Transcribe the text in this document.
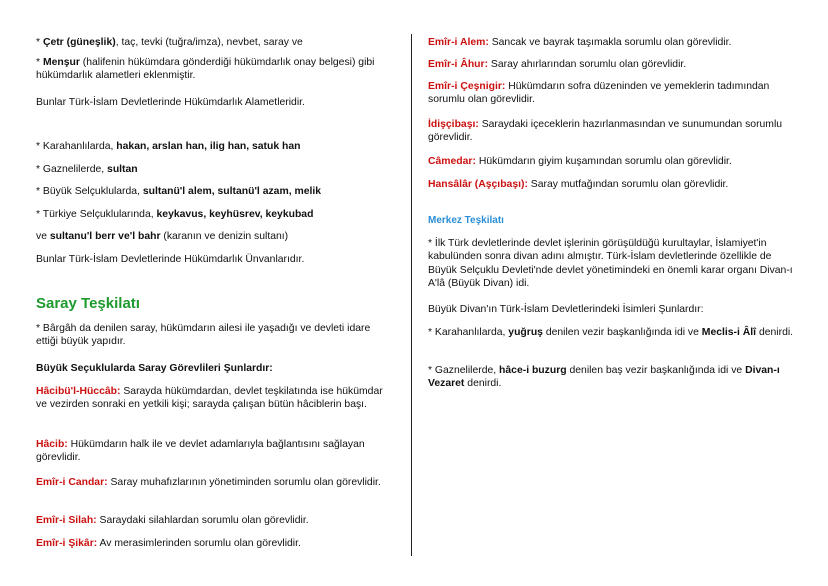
* Çetr (güneşlik), taç, tevki (tuğra/imza), nevbet, saray ve

* Menşur (halifenin hükümdara gönderdiği hükümdarlık onay belgesi) gibi hükümdarlık alametleri eklenmiştir.

Bunlar Türk-İslam Devletlerinde Hükümdarlık Alametleridir.

* Karahanlılarda, hakan, arslan han, ilig han, satuk han

* Gaznelilerde, sultan

* Büyük Selçuklularda, sultanü'l alem, sultanü'l azam, melik

* Türkiye Selçuklularında, keykavus, keyhüsrev, keykubad

ve sultanu'l berr ve'l bahr (karanın ve denizin sultanı)

Bunlar Türk-İslam Devletlerinde Hükümdarlık Ünvanlarıdır.

Saray Teşkilatı

* Bârgâh da denilen saray, hükümdarın ailesi ile yaşadığı ve devleti idare ettiği büyük yapıdır.

Büyük Seçuklularda Saray Görevlileri Şunlardır:

Hâcibü'l-Hüccâb: Sarayda hükümdardan, devlet teşkilatında ise hükümdar ve vezirden sonraki en yetkili kişi; sarayda çalışan bütün hâciblerin başı.

Hâcib: Hükümdarın halk ile ve devlet adamlarıyla bağlantısını sağlayan görevlidir.

Emîr-i Candar: Saray muhafızlarının yönetiminden sorumlu olan görevlidir.

Emîr-i Silah: Saraydaki silahlardan sorumlu olan görevlidir.

Emîr-i Şikâr: Av merasimlerinden sorumlu olan görevlidir.

Emîr-i Alem: Sancak ve bayrak taşımakla sorumlu olan görevlidir.

Emîr-i Âhur: Saray ahırlarından sorumlu olan görevlidir.

Emîr-i Çeşnigir: Hükümdarın sofra düzeninden ve yemeklerin tadımından sorumlu olan görevlidir.

İdişçibaşı: Saraydaki içeceklerin hazırlanmasından ve sunumundan sorumlu görevlidir.

Câmedar: Hükümdarın giyim kuşamından sorumlu olan görevlidir.

Hansâlâr (Aşçıbaşı): Saray mutfağından sorumlu olan görevlidir.

Merkez Teşkilatı

* İlk Türk devletlerinde devlet işlerinin görüşüldüğü kurultaylar, İslamiyet'in kabulünden sonra divan adını almıştır. Türk-İslam devletlerinde özellikle de Büyük Selçuklu Devleti'nde devlet yönetimindeki en önemli karar organı Divan-ı A'lâ (Büyük Divan) idi.

Büyük Divan'ın Türk-İslam Devletlerindeki İsimleri Şunlardır:

* Karahanlılarda, yuğruş denilen vezir başkanlığında idi ve Meclis-i Âlî denirdi.

* Gaznelilerde, hâce-i buzurg denilen baş vezir başkanlığında idi ve Divan-ı Vezaret denirdi.
